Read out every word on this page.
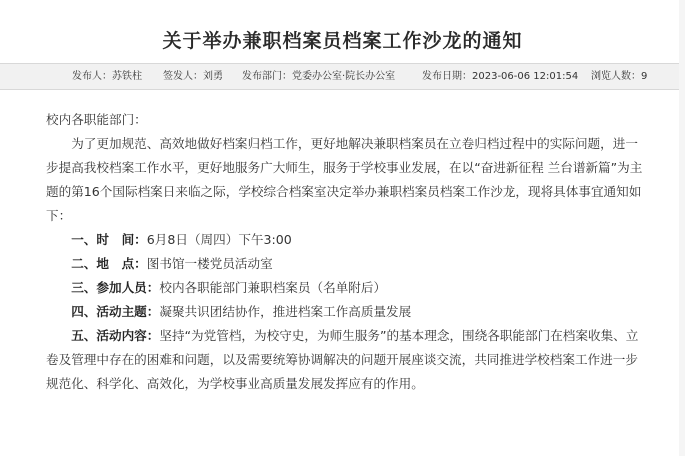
关于举办兼职档案员档案工作沙龙的通知
发布人：苏铁柱 签发人：刘勇 发布部门：党委办公室·院长办公室	发布日期：2023-06-06 12:01:54 浏览人数：9

校内各职能部门：

为了更加规范、高效地做好档案归档工作，更好地解决兼职档案员在立卷归档过程中的实际问题，进一步提高我校档案工作水平，更好地服务广大师生，服务于学校事业发展，在以“奋进新征程 兰台谱新篇”为主题的第16个国际档案日来临之际，学校综合档案室决定举办兼职档案员档案工作沙龙，现将具体事宜通知如下：

一、时　间：6月8日（周四）下午3:00

二、地　点：图书馆一楼党员活动室

三、参加人员：校内各职能部门兼职档案员（名单附后）

四、活动主题：凝聚共识团结协作，推进档案工作高质量发展

五、活动内容：坚持“为党管档，为校守史，为师生服务”的基本理念，围绕各职能部门在档案收集、立卷及管理中存在的困难和问题，以及需要统筹协调解决的问题开展座谈交流，共同推进学校档案工作进一步规范化、科学化、高效化，为学校事业高质量发展发挥应有的作用。
